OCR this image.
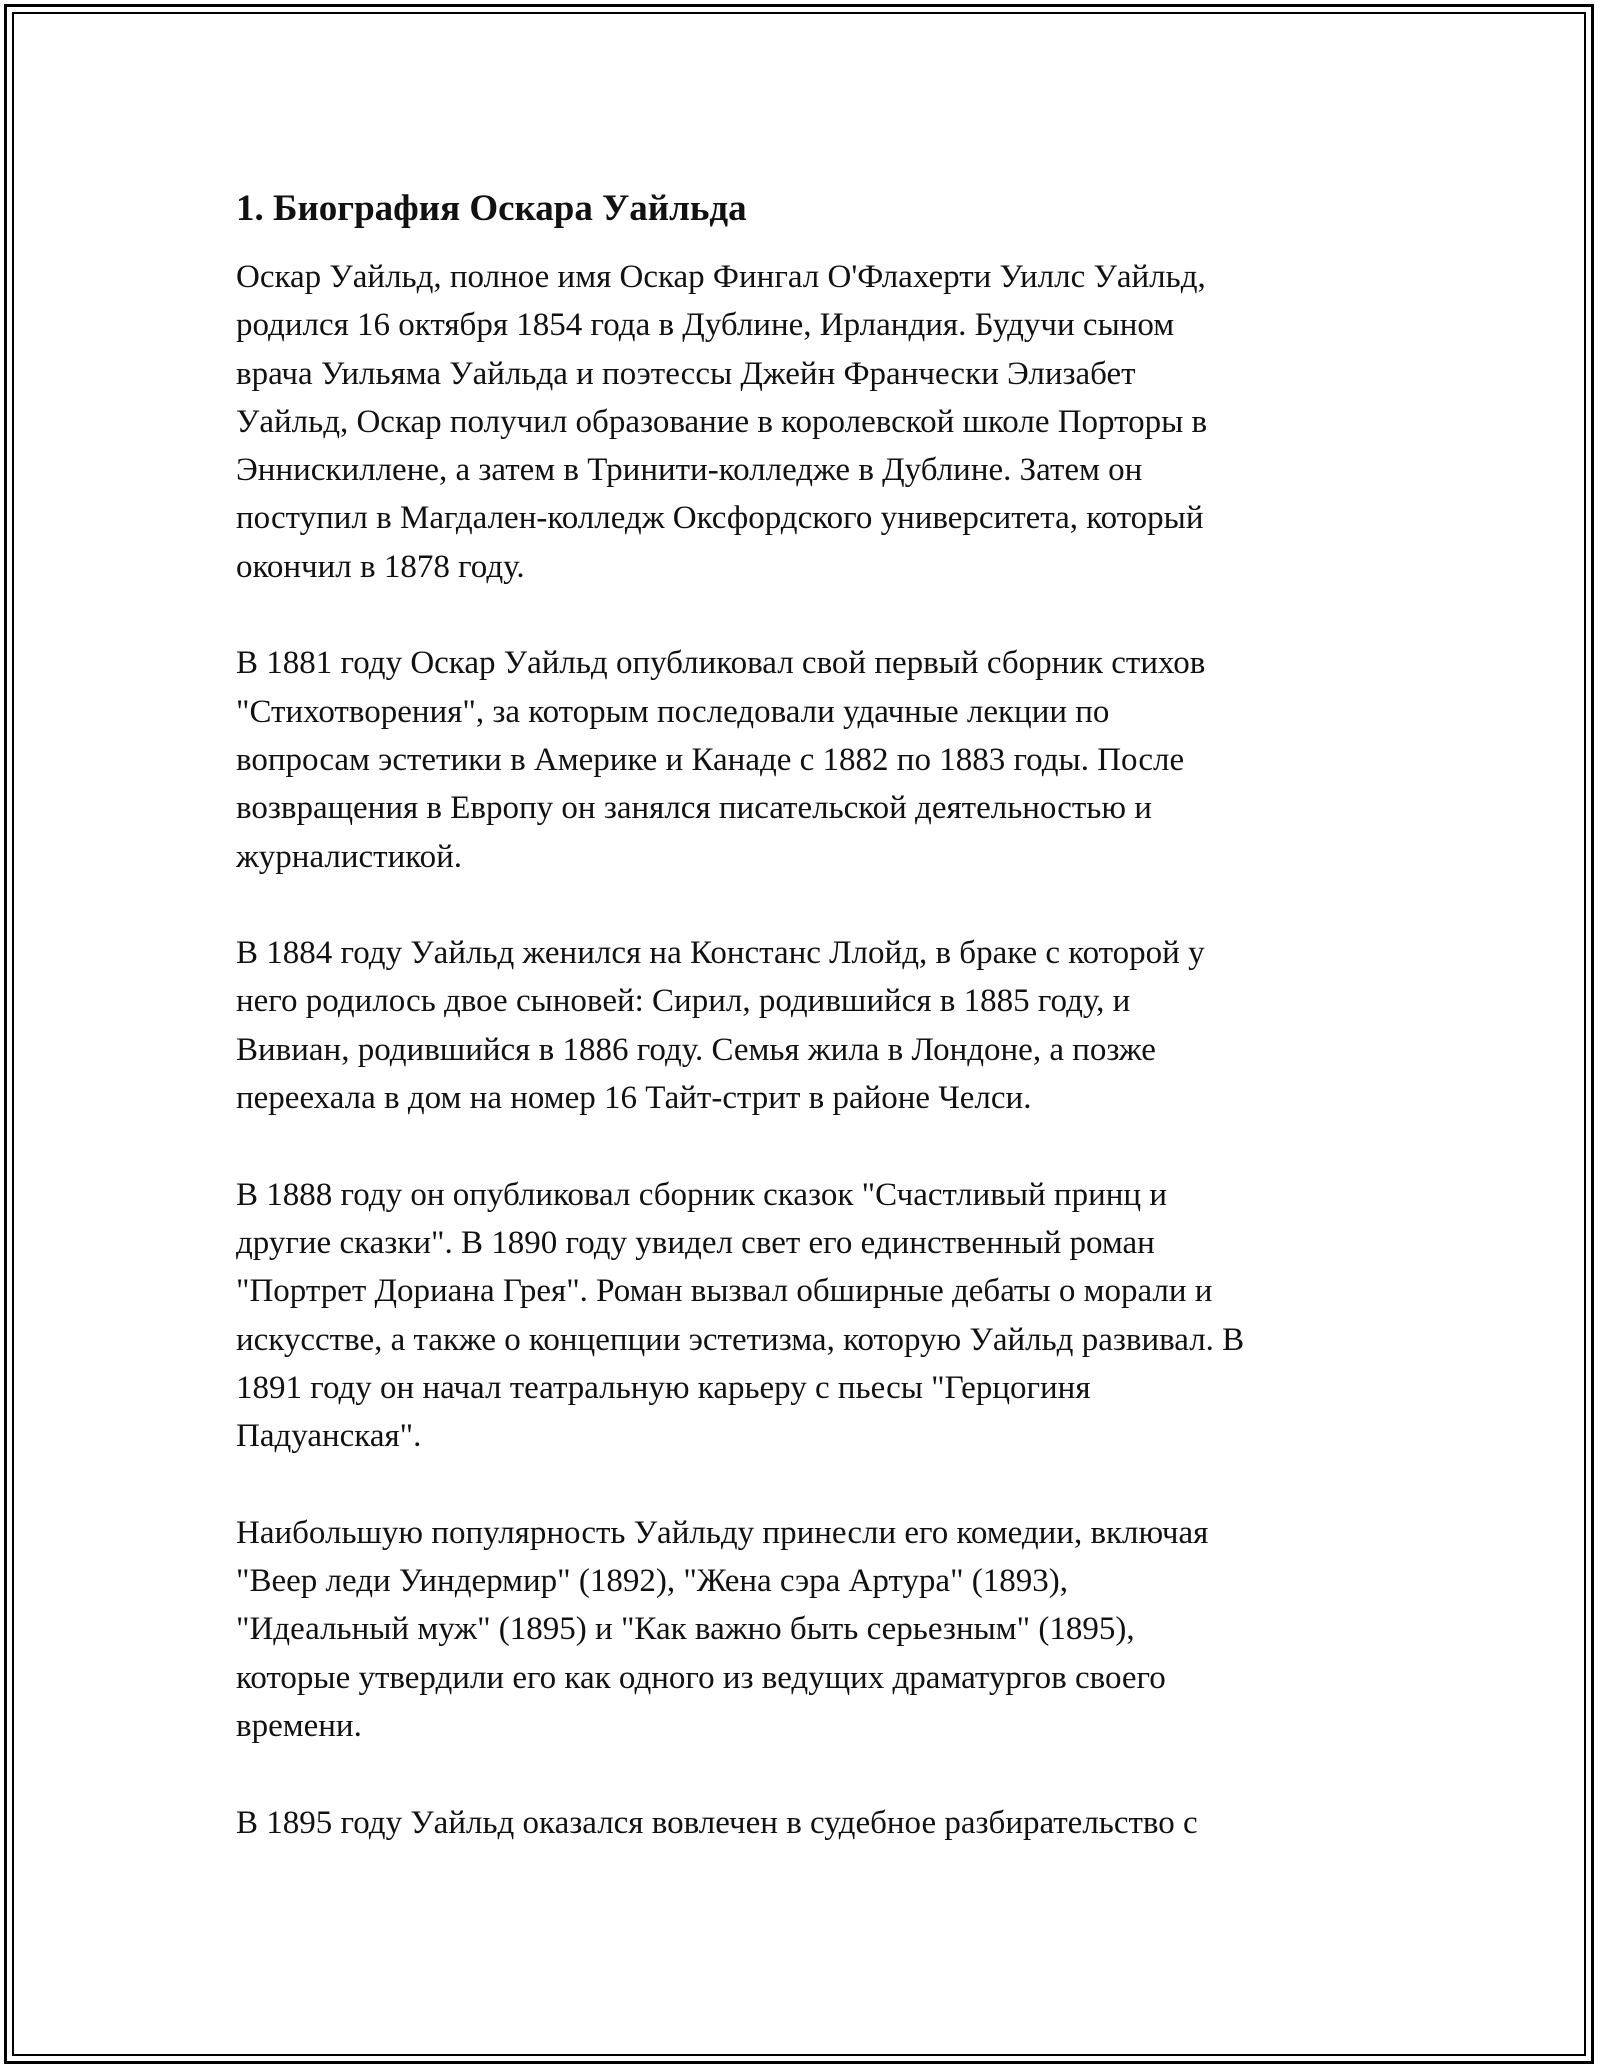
1. Биография Оскара Уайльда

Оскар Уайльд, полное имя Оскар Фингал О'Флахерти Уиллс Уайльд,
родился 16 октября 1854 года в Дублине, Ирландия. Будучи сыном
врача Уильяма Уайльда и поэтессы Джейн Франчески Элизабет
Уайльд, Оскар получил образование в королевской школе Порторы в
Эннискиллене, а затем в Тринити-колледже в Дублине. Затем он
поступил в Магдален-колледж Оксфордского университета, который
окончил в 1878 году.

В 1881 году Оскар Уайльд опубликовал свой первый сборник стихов
"Стихотворения", за которым последовали удачные лекции по
вопросам эстетики в Америке и Канаде с 1882 по 1883 годы. После
возвращения в Европу он занялся писательской деятельностью и
журналистикой.

В 1884 году Уайльд женился на Констанс Ллойд, в браке с которой у
него родилось двое сыновей: Сирил, родившийся в 1885 году, и
Вивиан, родившийся в 1886 году. Семья жила в Лондоне, а позже
переехала в дом на номер 16 Тайт-стрит в районе Челси.

В 1888 году он опубликовал сборник сказок "Счастливый принц и
другие сказки". В 1890 году увидел свет его единственный роман
"Портрет Дориана Грея". Роман вызвал обширные дебаты о морали и
искусстве, а также о концепции эстетизма, которую Уайльд развивал. В
1891 году он начал театральную карьеру с пьесы "Герцогиня
Падуанская".

Наибольшую популярность Уайльду принесли его комедии, включая
"Веер леди Уиндермир" (1892), "Жена сэра Артура" (1893),
"Идеальный муж" (1895) и "Как важно быть серьезным" (1895),
которые утвердили его как одного из ведущих драматургов своего
времени.

В 1895 году Уайльд оказался вовлечен в судебное разбирательство с
